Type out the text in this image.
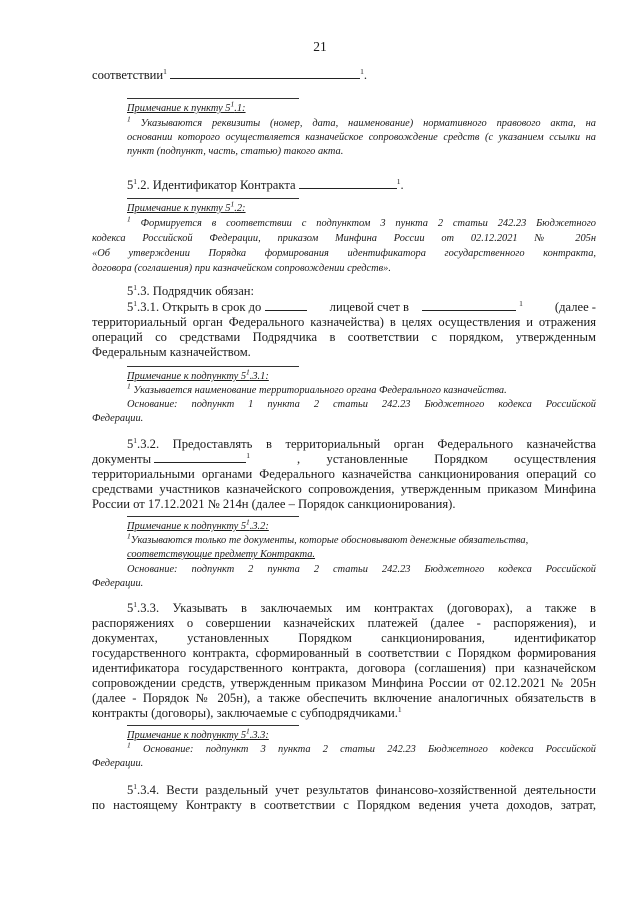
21
соответствии$^1$	$^1$.
Примечание к пункту $5^1.1$:
$^1$ Указываются реквизиты (номер, дата, наименование) нормативного правового акта, на
основании которого осуществляется казначейское сопровождение средств (с указанием ссылки на
пункт (подпункт, часть, статью) такого акта.
$5^1.2$. Идентификатор Контракта	$^1$.
Примечание к пункту $5^1.2$:
$^1$ Формируется в соответствии с подпунктом 3 пункта 2 статьи 242.23 Бюджетного
кодекса Российской Федерации, приказом Минфина России от 02.12.2021 № 205н
«Об утверждении Порядка формирования идентификатора государственного контракта,
договора (соглашения) при казначейском сопровождении средств».
$5^1.3$. Подрядчик обязан:
$5^1.3.1$. Открыть в срок до	лицевой счет в	$^1$	(далее -
территориальный орган Федерального казначейства) в целях осуществления и отражения
операций со средствами Подрядчика в соответствии с порядком, утвержденным
Федеральным казначейством.
Примечание к подпункту $5^1.3.1$:
$^1$ Указывается наименование территориального органа Федерального казначейства.
Основание: подпункт 1 пункта 2 статьи 242.23 Бюджетного кодекса Российской
Федерации.
$5^1.3.2$. Предоставлять в территориальный орган Федерального казначейства
документы	$^1$	, установленные Порядком осуществления
территориальными органами Федерального казначейства санкционирования операций со
средствами участников казначейского сопровождения, утвержденным приказом Минфина
России от 17.12.2021 № 214н (далее – Порядок санкционирования).
Примечание к подпункту $5^1.3.2$:
$^1$Указываются только те документы, которые обосновывают денежные обязательства,
соответствующие предмету Контракта.
Основание: подпункт 2 пункта 2 статьи 242.23 Бюджетного кодекса Российской
Федерации.
$5^1.3.3$. Указывать в заключаемых им контрактах (договорах), а также в
распоряжениях о совершении казначейских платежей (далее - распоряжения), и
документах, установленных Порядком санкционирования, идентификатор
государственного контракта, сформированный в соответствии с Порядком формирования
идентификатора государственного контракта, договора (соглашения) при казначейском
сопровождении средств, утвержденным приказом Минфина России от 02.12.2021 № 205н
(далее - Порядок № 205н), а также обеспечить включение аналогичных обязательств в
контракты (договоры), заключаемые с субподрядчиками.$^1$
Примечание к подпункту $5^1.3.3$:
$^1$ Основание: подпункт 3 пункта 2 статьи 242.23 Бюджетного кодекса Российской
Федерации.
$5^1.3.4$. Вести раздельный учет результатов финансово-хозяйственной деятельности
по настоящему Контракту в соответствии с Порядком ведения учета доходов, затрат,
